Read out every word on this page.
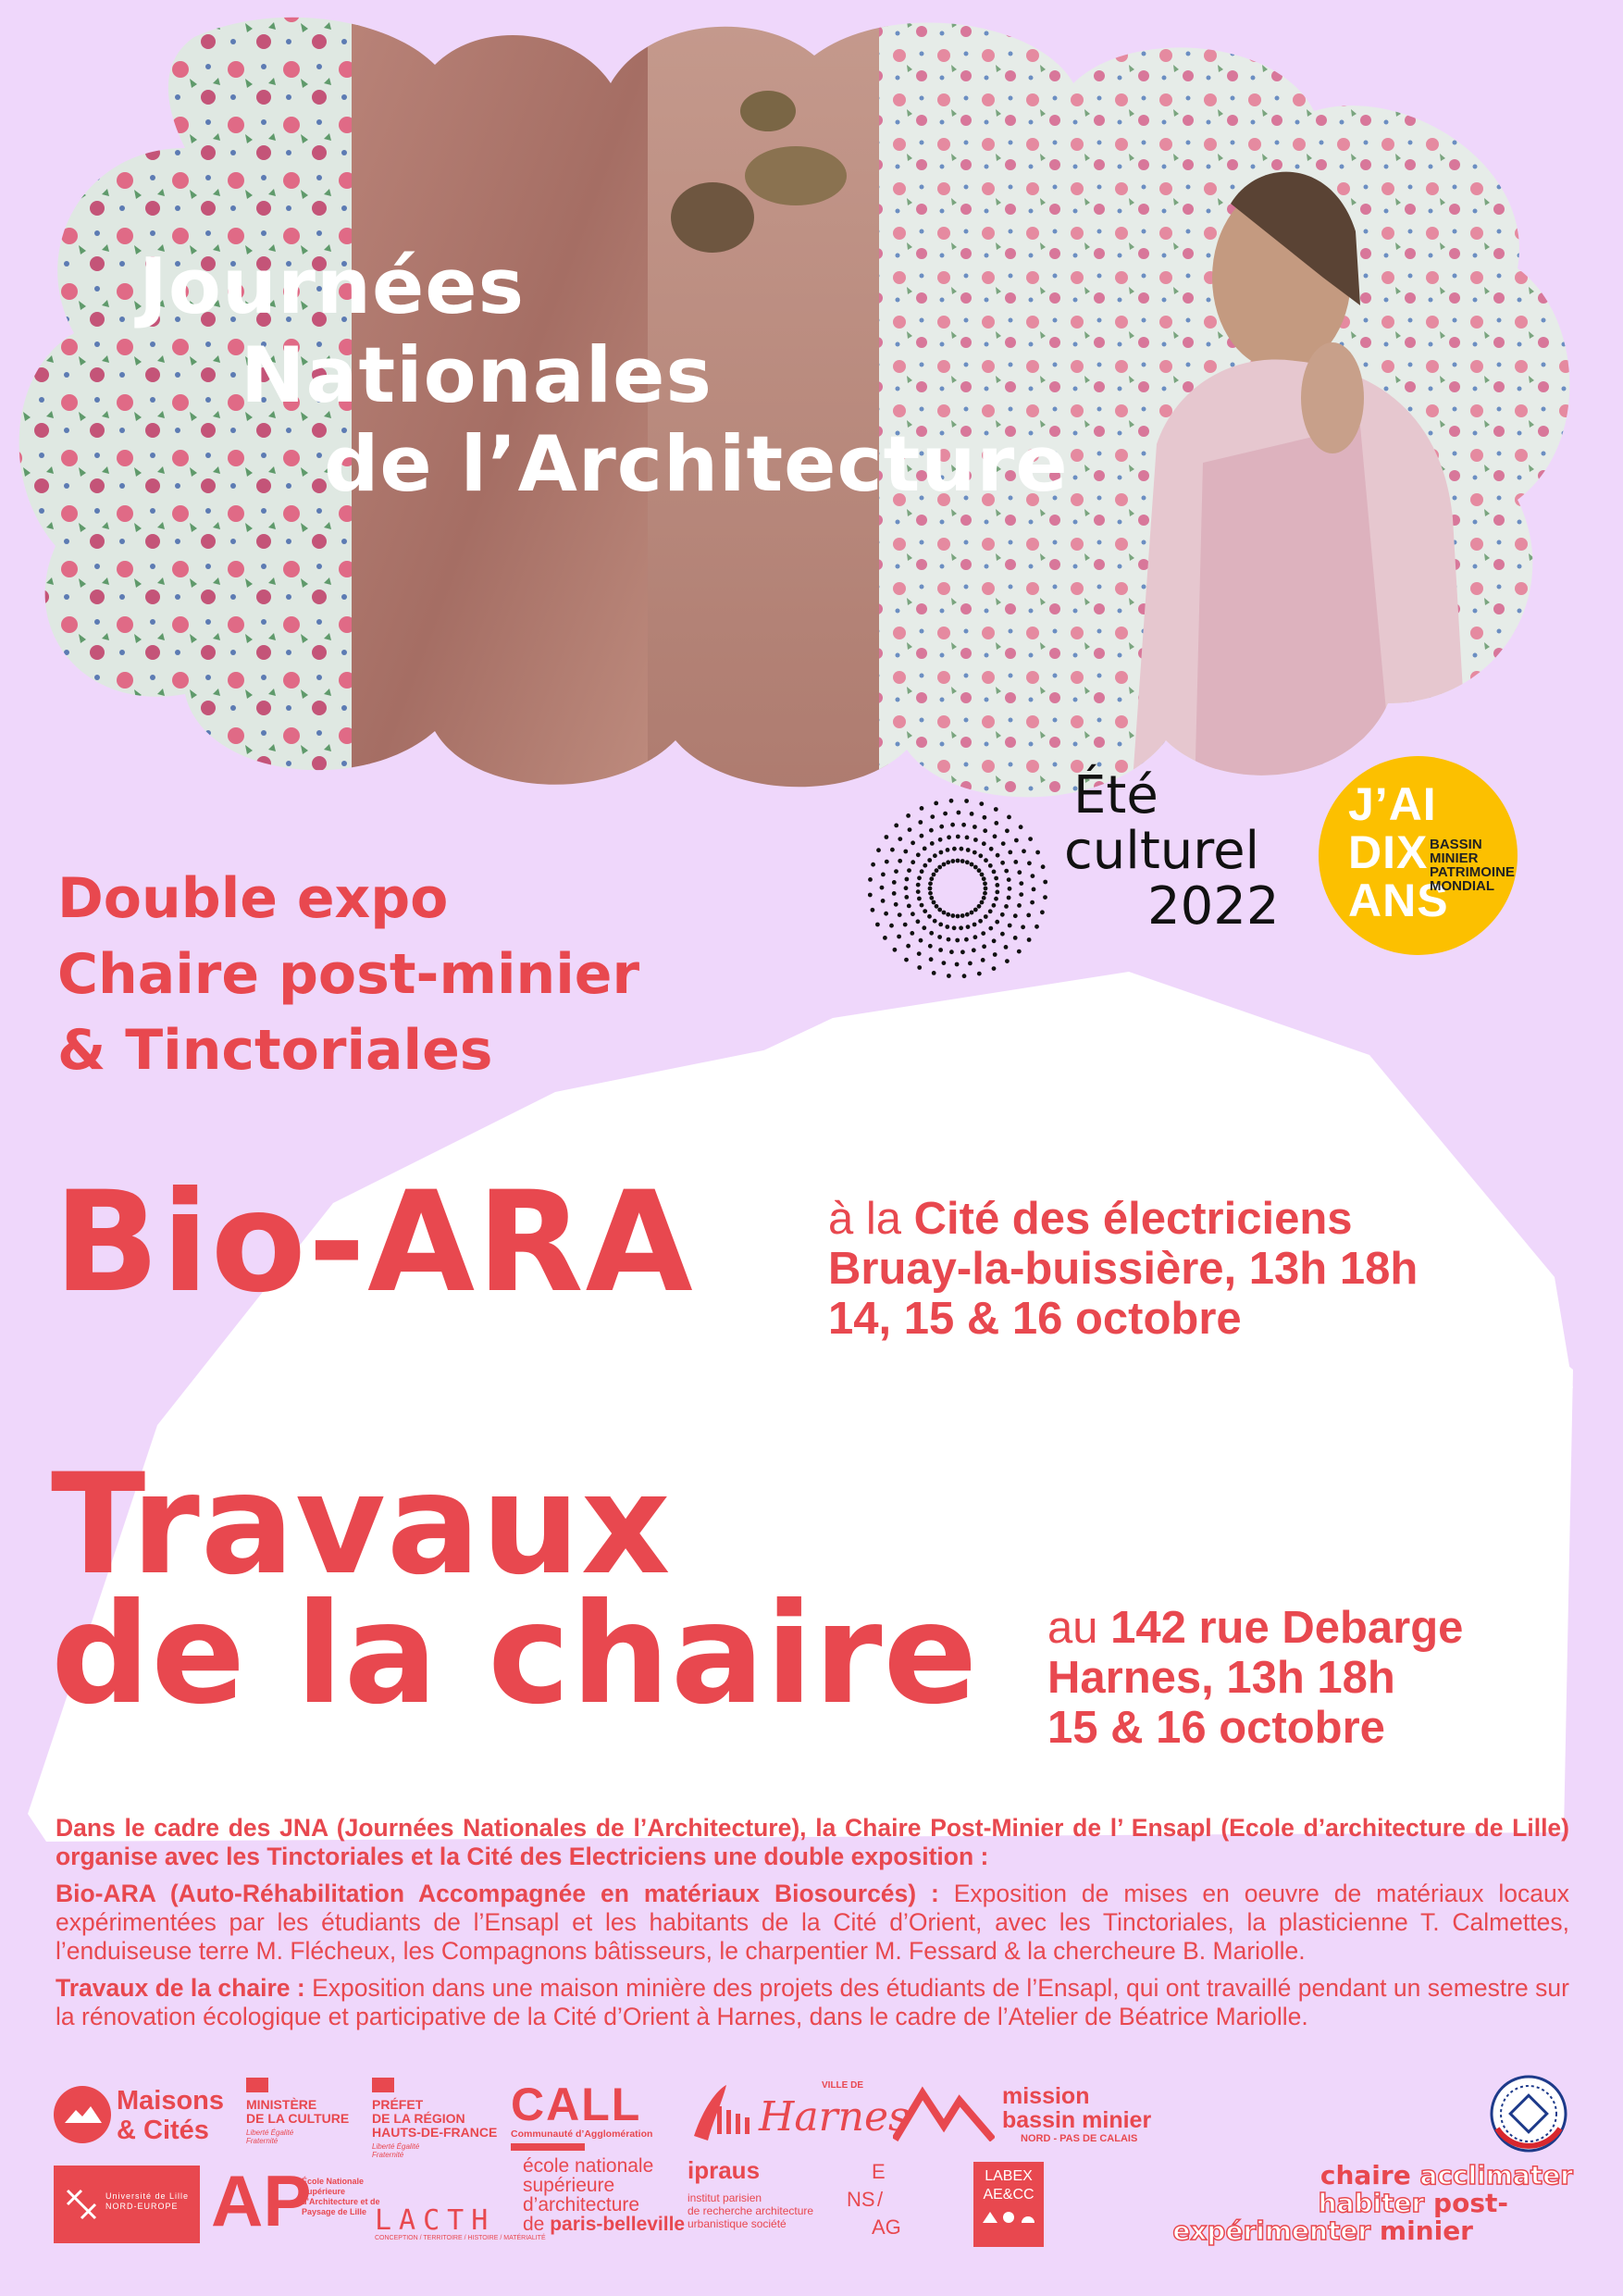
Journées
Nationales
de l’Architecture
Été
culturel
2022
J’AI
DIX
ANS
BASSIN
MINIER
PATRIMOINE
MONDIAL
Double expo
Chaire post-minier
& Tinctoriales
Bio-ARA	à la Cité des électriciens
Bruay-la-buissière, 13h 18h
14, 15 & 16 octobre
Travaux
de la chaire au 142 rue Debarge
Harnes, 13h 18h
15 & 16 octobre

Dans le cadre des JNA (Journées Nationales de l’Architecture), la Chaire Post-Minier de l’ Ensapl (Ecole d’architecture de Lille) organise avec les Tinctoriales et la Cité des Electriciens une double exposition :

Bio-ARA (Auto-Réhabilitation Accompagnée en matériaux Biosourcés) : Exposition de mises en oeuvre de matériaux locaux expérimentées par les étudiants de l’Ensapl et les habitants de la Cité d’Orient, avec les Tinctoriales, la plasticienne T. Calmettes, l’enduiseuse terre M. Flécheux, les Compagnons bâtisseurs, le charpentier M. Fessard & la chercheure B. Mariolle.

Travaux de la chaire : Exposition dans une maison minière des projets des étudiants de l’Ensapl, qui ont travaillé pendant un semestre sur la rénovation écologique et participative de la Cité d’Orient à Harnes, dans le cadre de l’Atelier de Béatrice Mariolle.

Maisons
& Cités
MINISTÈRE
DE LA CULTURE
Liberté Égalité Fraternité
PRÉFET
DE LA RÉGION
HAUTS-DE-FRANCE
Liberté Égalité Fraternité
CALL
Communauté d’Agglomération
VILLE DE
Harnes	mission
bassin minier
NORD - PAS DE CALAIS
Université de Lille NORD-EUROPE AP
École Nationale Supérieure d’Architecture et de Paysage de Lille LACTH
CONCEPTION / TERRITOIRE / HISTOIRE / MATÉRIALITÉ
école nationale
supérieure
d’architecture
de paris-belleville
ipraus
institut parisien
de recherche architecture
urbanistique société
E
NS /
AG
LABEX
AE&CC
chaire acclimater
habiter post-
expérimenter minier
